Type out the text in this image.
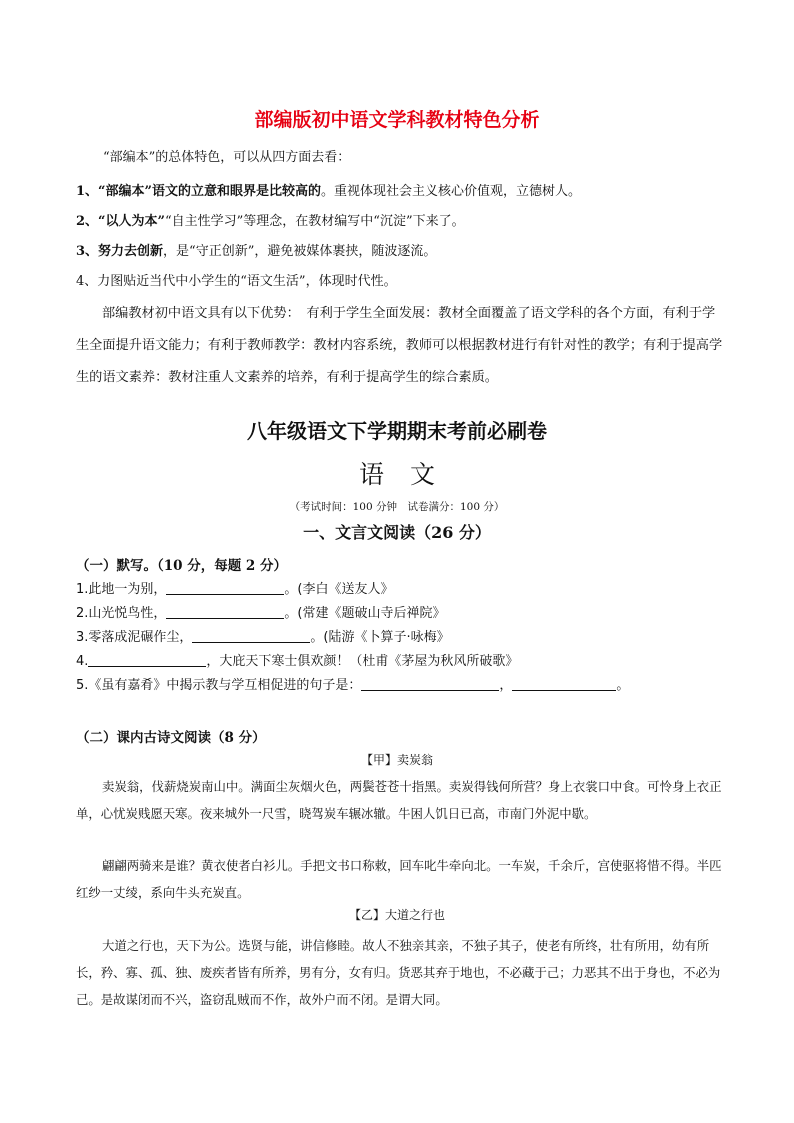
部编版初中语文学科教材特色分析
“部编本”的总体特色，可以从四方面去看：
1、“部编本”语文的立意和眼界是比较高的。重视体现社会主义核心价值观，立德树人。
2、“以人为本”“自主性学习”等理念，在教材编写中“沉淀”下来了。
3、努力去创新，是“守正创新”，避免被媒体裹挟，随波逐流。
4、力图贴近当代中小学生的“语文生活”，体现时代性。
部编教材初中语文具有以下优势：　有利于学生全面发展：教材全面覆盖了语文学科的各个方面，有利于学生全面提升语文能力；有利于教师教学：教材内容系统，教师可以根据教材进行有针对性的教学；有利于提高学生的语文素养：教材注重人文素养的培养，有利于提高学生的综合素质。
八年级语文下学期期末考前必刷卷
语文
（考试时间：100 分钟　试卷满分：100 分）
一、文言文阅读（26 分）
（一）默写。（10 分，每题 2 分）
1.此地一为别，	。(李白《送友人》
2.山光悦鸟性，	。(常建《题破山寺后禅院》
3.零落成泥碾作尘，	。(陆游《卜算子·咏梅》
4.	，大庇天下寒士俱欢颜！（杜甫《茅屋为秋风所破歌》
5.《虽有嘉肴》中揭示教与学互相促进的句子是：	，	。
（二）课内古诗文阅读（8 分）
【甲】卖炭翁
卖炭翁，伐薪烧炭南山中。满面尘灰烟火色，两鬓苍苍十指黑。卖炭得钱何所营？身上衣裳口中食。可怜身上衣正单，心忧炭贱愿天寒。夜来城外一尺雪，晓驾炭车辗冰辙。牛困人饥日已高，市南门外泥中歇。
翩翩两骑来是谁？黄衣使者白衫儿。手把文书口称敕，回车叱牛牵向北。一车炭，千余斤，宫使驱将惜不得。半匹红纱一丈绫，系向牛头充炭直。
【乙】大道之行也
大道之行也，天下为公。选贤与能，讲信修睦。故人不独亲其亲，不独子其子，使老有所终，壮有所用，幼有所长，矜、寡、孤、独、废疾者皆有所养，男有分，女有归。货恶其弃于地也，不必藏于己；力恶其不出于身也，不必为己。是故谋闭而不兴，盗窃乱贼而不作，故外户而不闭。是谓大同。
